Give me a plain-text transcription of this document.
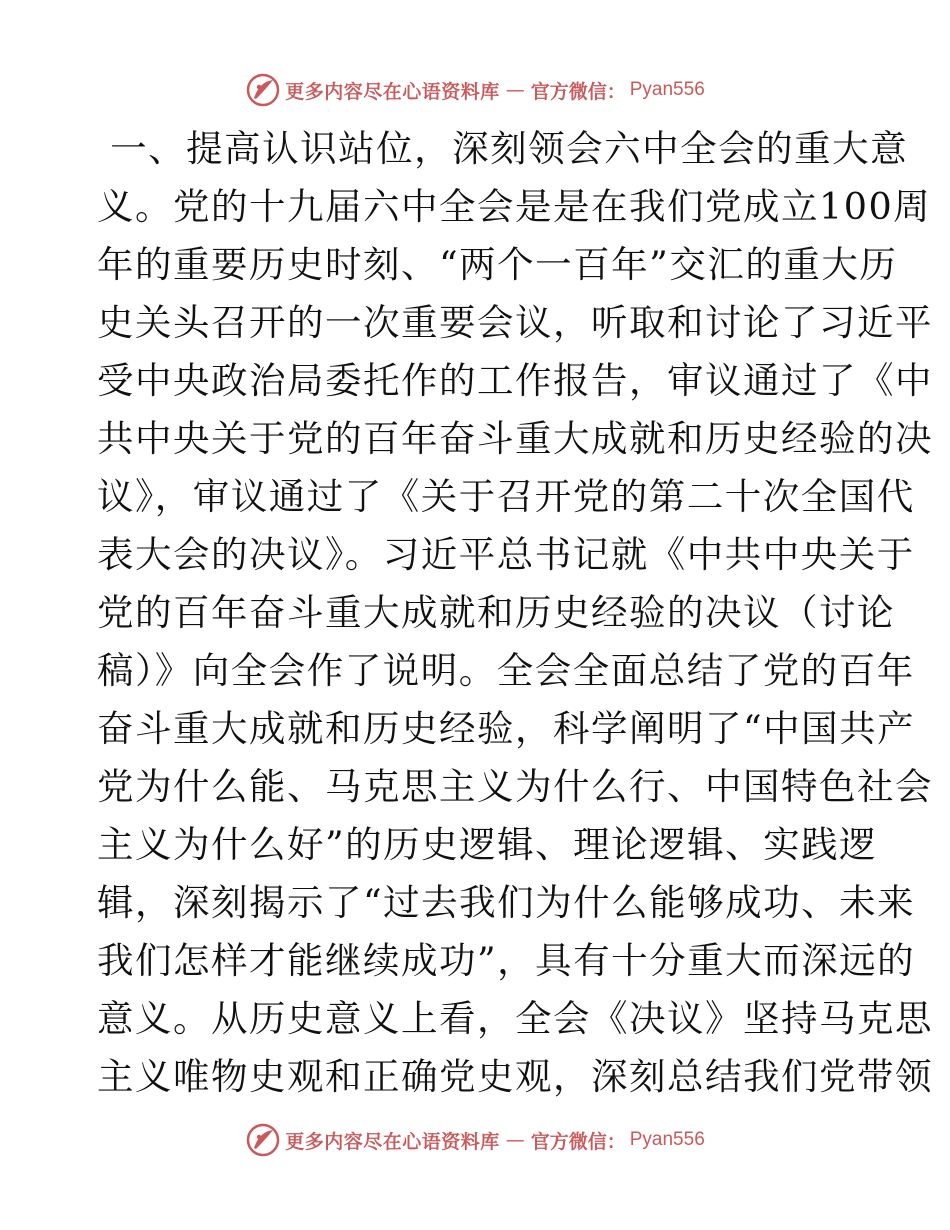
更多内容尽在心语资料库 — 官方微信： Pyan556
一、提高认识站位，深刻领会六中全会的重大意
义。党的十九届六中全会是是在我们党成立100周
年的重要历史时刻、“两个一百年”交汇的重大历
史关头召开的一次重要会议，听取和讨论了习近平
受中央政治局委托作的工作报告，审议通过了《中
共中央关于党的百年奋斗重大成就和历史经验的决
议》，审议通过了《关于召开党的第二十次全国代
表大会的决议》。习近平总书记就《中共中央关于
党的百年奋斗重大成就和历史经验的决议（讨论
稿）》向全会作了说明。全会全面总结了党的百年
奋斗重大成就和历史经验，科学阐明了“中国共产
党为什么能、马克思主义为什么行、中国特色社会
主义为什么好”的历史逻辑、理论逻辑、实践逻
辑，深刻揭示了“过去我们为什么能够成功、未来
我们怎样才能继续成功”，具有十分重大而深远的
意义。从历史意义上看，全会《决议》坚持马克思
主义唯物史观和正确党史观，深刻总结我们党带领
更多内容尽在心语资料库 — 官方微信： Pyan556
